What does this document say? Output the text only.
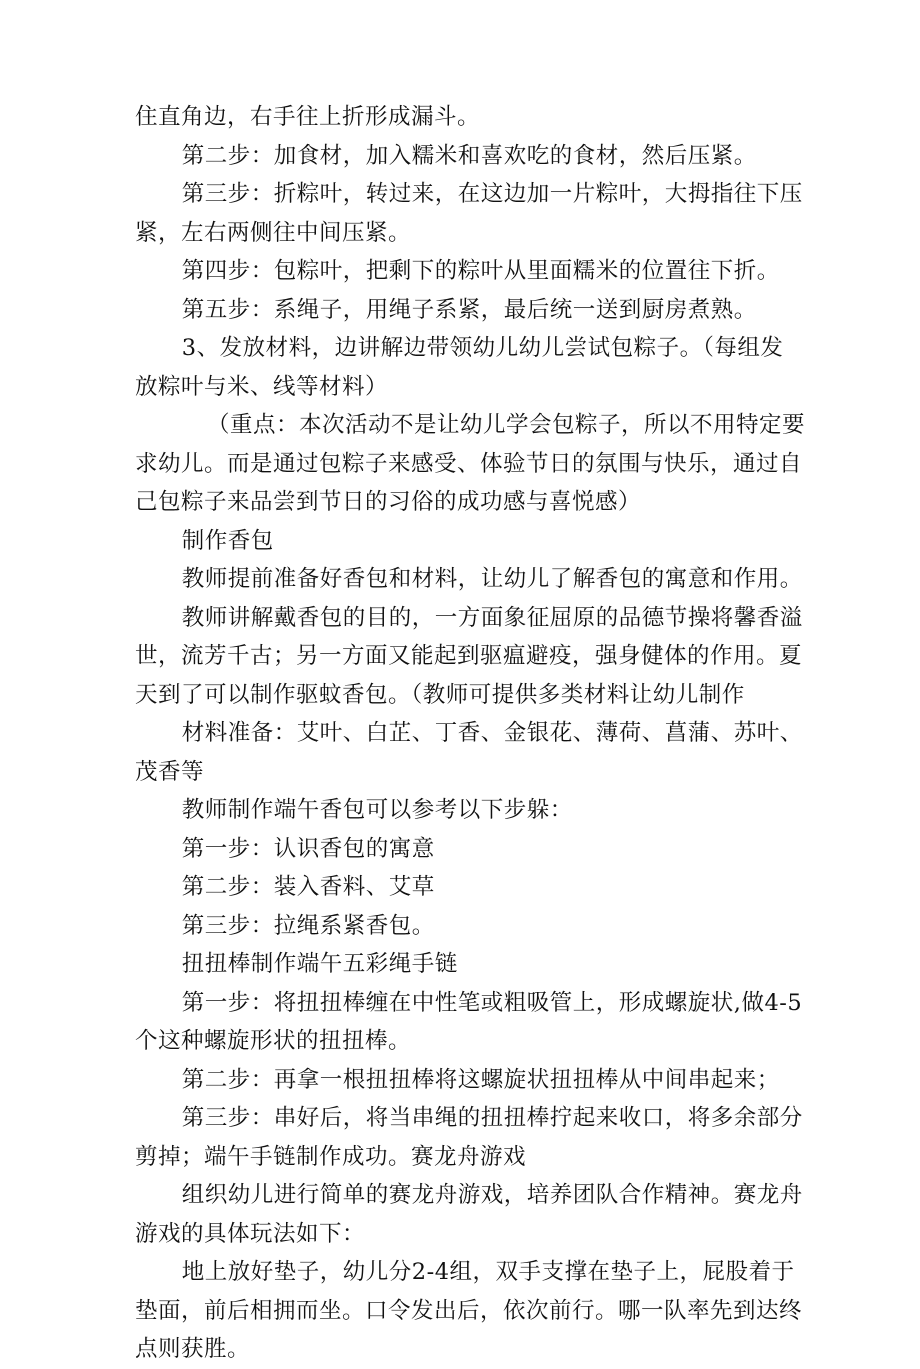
住直角边，右手往上折形成漏斗。

第二步：加食材，加入糯米和喜欢吃的食材，然后压紧。

第三步：折粽叶，转过来，在这边加一片粽叶，大拇指往下压紧，左右两侧往中间压紧。

第四步：包粽叶，把剩下的粽叶从里面糯米的位置往下折。

第五步：系绳子，用绳子系紧，最后统一送到厨房煮熟。

3、发放材料，边讲解边带领幼儿幼儿尝试包粽子。（每组发放粽叶与米、线等材料）

（重点：本次活动不是让幼儿学会包粽子，所以不用特定要求幼儿。而是通过包粽子来感受、体验节日的氛围与快乐，通过自己包粽子来品尝到节日的习俗的成功感与喜悦感）

制作香包

教师提前准备好香包和材料，让幼儿了解香包的寓意和作用。

教师讲解戴香包的目的，一方面象征屈原的品德节操将馨香溢世，流芳千古；另一方面又能起到驱瘟避疫，强身健体的作用。夏天到了可以制作驱蚊香包。（教师可提供多类材料让幼儿制作

材料准备：艾叶、白芷、丁香、金银花、薄荷、菖蒲、苏叶、茂香等

教师制作端午香包可以参考以下步躲：

第一步：认识香包的寓意

第二步：装入香料、艾草

第三步：拉绳系紧香包。

扭扭棒制作端午五彩绳手链

第一步：将扭扭棒缠在中性笔或粗吸管上，形成螺旋状,做4-5个这种螺旋形状的扭扭棒。

第二步：再拿一根扭扭棒将这螺旋状扭扭棒从中间串起来；

第三步：串好后，将当串绳的扭扭棒拧起来收口，将多余部分剪掉；端午手链制作成功。赛龙舟游戏

组织幼儿进行简单的赛龙舟游戏，培养团队合作精神。赛龙舟游戏的具体玩法如下：

地上放好垫子，幼儿分2-4组，双手支撑在垫子上，屁股着于垫面，前后相拥而坐。口令发出后，依次前行。哪一队率先到达终点则获胜。
